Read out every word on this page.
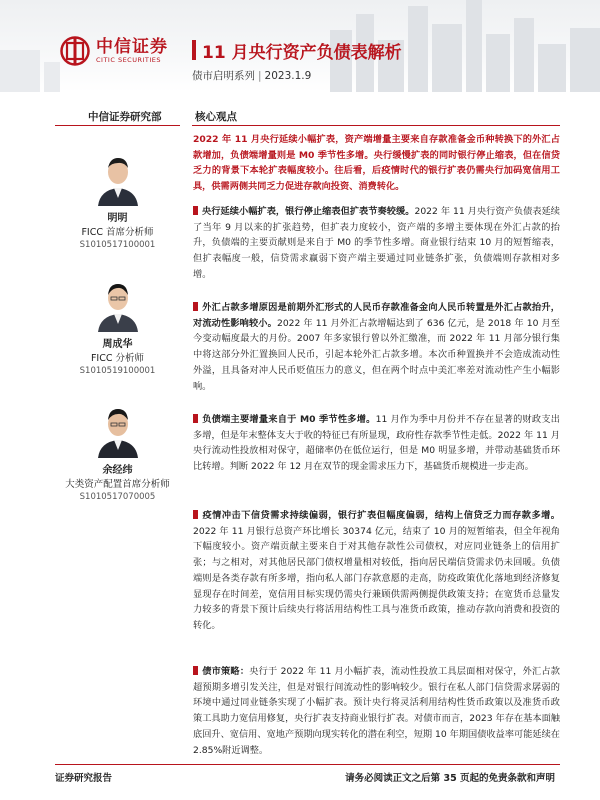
中信证券
CITIC SECURITIES	11 月央行资产负债表解析
债市启明系列 | 2023.1.9
中信证券研究部	核心观点
明明
FICC 首席分析师
S1010517100001
周成华
FICC 分析师
S1010519100001
余经纬
大类资产配置首席分析师
S1010517070005
2022 年 11 月央行延续小幅扩表，资产端增量主要来自存款准备金币种转换下的外汇占款增加，负债端增量则是 M0 季节性多增。央行缓慢扩表的同时银行停止缩表，但在信贷乏力的背景下本轮扩表幅度较小。往后看，后疫情时代的银行扩表仍需央行加码宽信用工具，供需两侧共同乏力促进存款向投资、消费转化。
央行延续小幅扩表，银行停止缩表但扩表节奏较缓。2022 年 11 月央行资产负债表延续了当年 9 月以来的扩张趋势，但扩表力度较小，资产端的多增主要体现在外汇占款的抬升，负债端的主要贡献则是来自于 M0 的季节性多增。商业银行结束 10 月的短暂缩表，但扩表幅度一般，信贷需求赢弱下资产端主要通过同业链条扩张，负债端则存款相对多增。
外汇占款多增原因是前期外汇形式的人民币存款准备金向人民币转置是外汇占款抬升，对流动性影响较小。2022 年 11 月外汇占款增幅达到了 636 亿元，是 2018 年 10 月至今变动幅度最大的月份。2007 年多家银行曾以外汇缴准，而 2022 年 11 月部分银行集中将这部分外汇置换回人民币，引起本轮外汇占款多增。本次币种置换并不会造成流动性外溢，且具备对冲人民币贬值压力的意义，但在两个时点中美汇率差对流动性产生小幅影响。
负债端主要增量来自于 M0 季节性多增。11 月作为季中月份并不存在显著的财政支出多增，但是年末整体支大于收的特征已有所显现，政府性存款季节性走低。2022 年 11 月央行流动性投放相对保守，超储率仍在低位运行，但是 M0 明显多增，并带动基础货币环比转增。判断 2022 年 12 月在双节的现金需求压力下，基础货币规模进一步走高。
疫情冲击下信贷需求持续偏弱，银行扩表但幅度偏弱，结构上信贷乏力而存款多增。2022 年 11 月银行总资产环比增长 30374 亿元，结束了 10 月的短暂缩表，但全年视角下幅度较小。资产端贡献主要来自于对其他存款性公司债权，对应同业链条上的信用扩张；与之相对，对其他居民部门债权增量相对较低，指向居民端信贷需求仍未回暖。负债端则是各类存款有所多增，指向私人部门存款意愿的走高，防疫政策优化落地到经济修复显现存在时间差，宽信用目标实现仍需央行兼顾供需两侧提供政策支持；在宽货币总量发力较多的背景下预计后续央行将活用结构性工具与准货币政策，推动存款向消费和投资的转化。
债市策略：央行于 2022 年 11 月小幅扩表，流动性投放工具层面相对保守，外汇占款超预期多增引发关注，但是对银行间流动性的影响较少。银行在私人部门信贷需求孱弱的环境中通过同业链条实现了小幅扩表。预计央行将灵活利用结构性货币政策以及准货币政策工具助力宽信用修复，央行扩表支持商业银行扩表。对债市而言，2023 年存在基本面触底回升、宽信用、宽地产预期向现实转化的潜在利空，短期 10 年期国债收益率可能延续在 2.85%附近调整。
证券研究报告	请务必阅读正文之后第 35 页起的免责条款和声明
